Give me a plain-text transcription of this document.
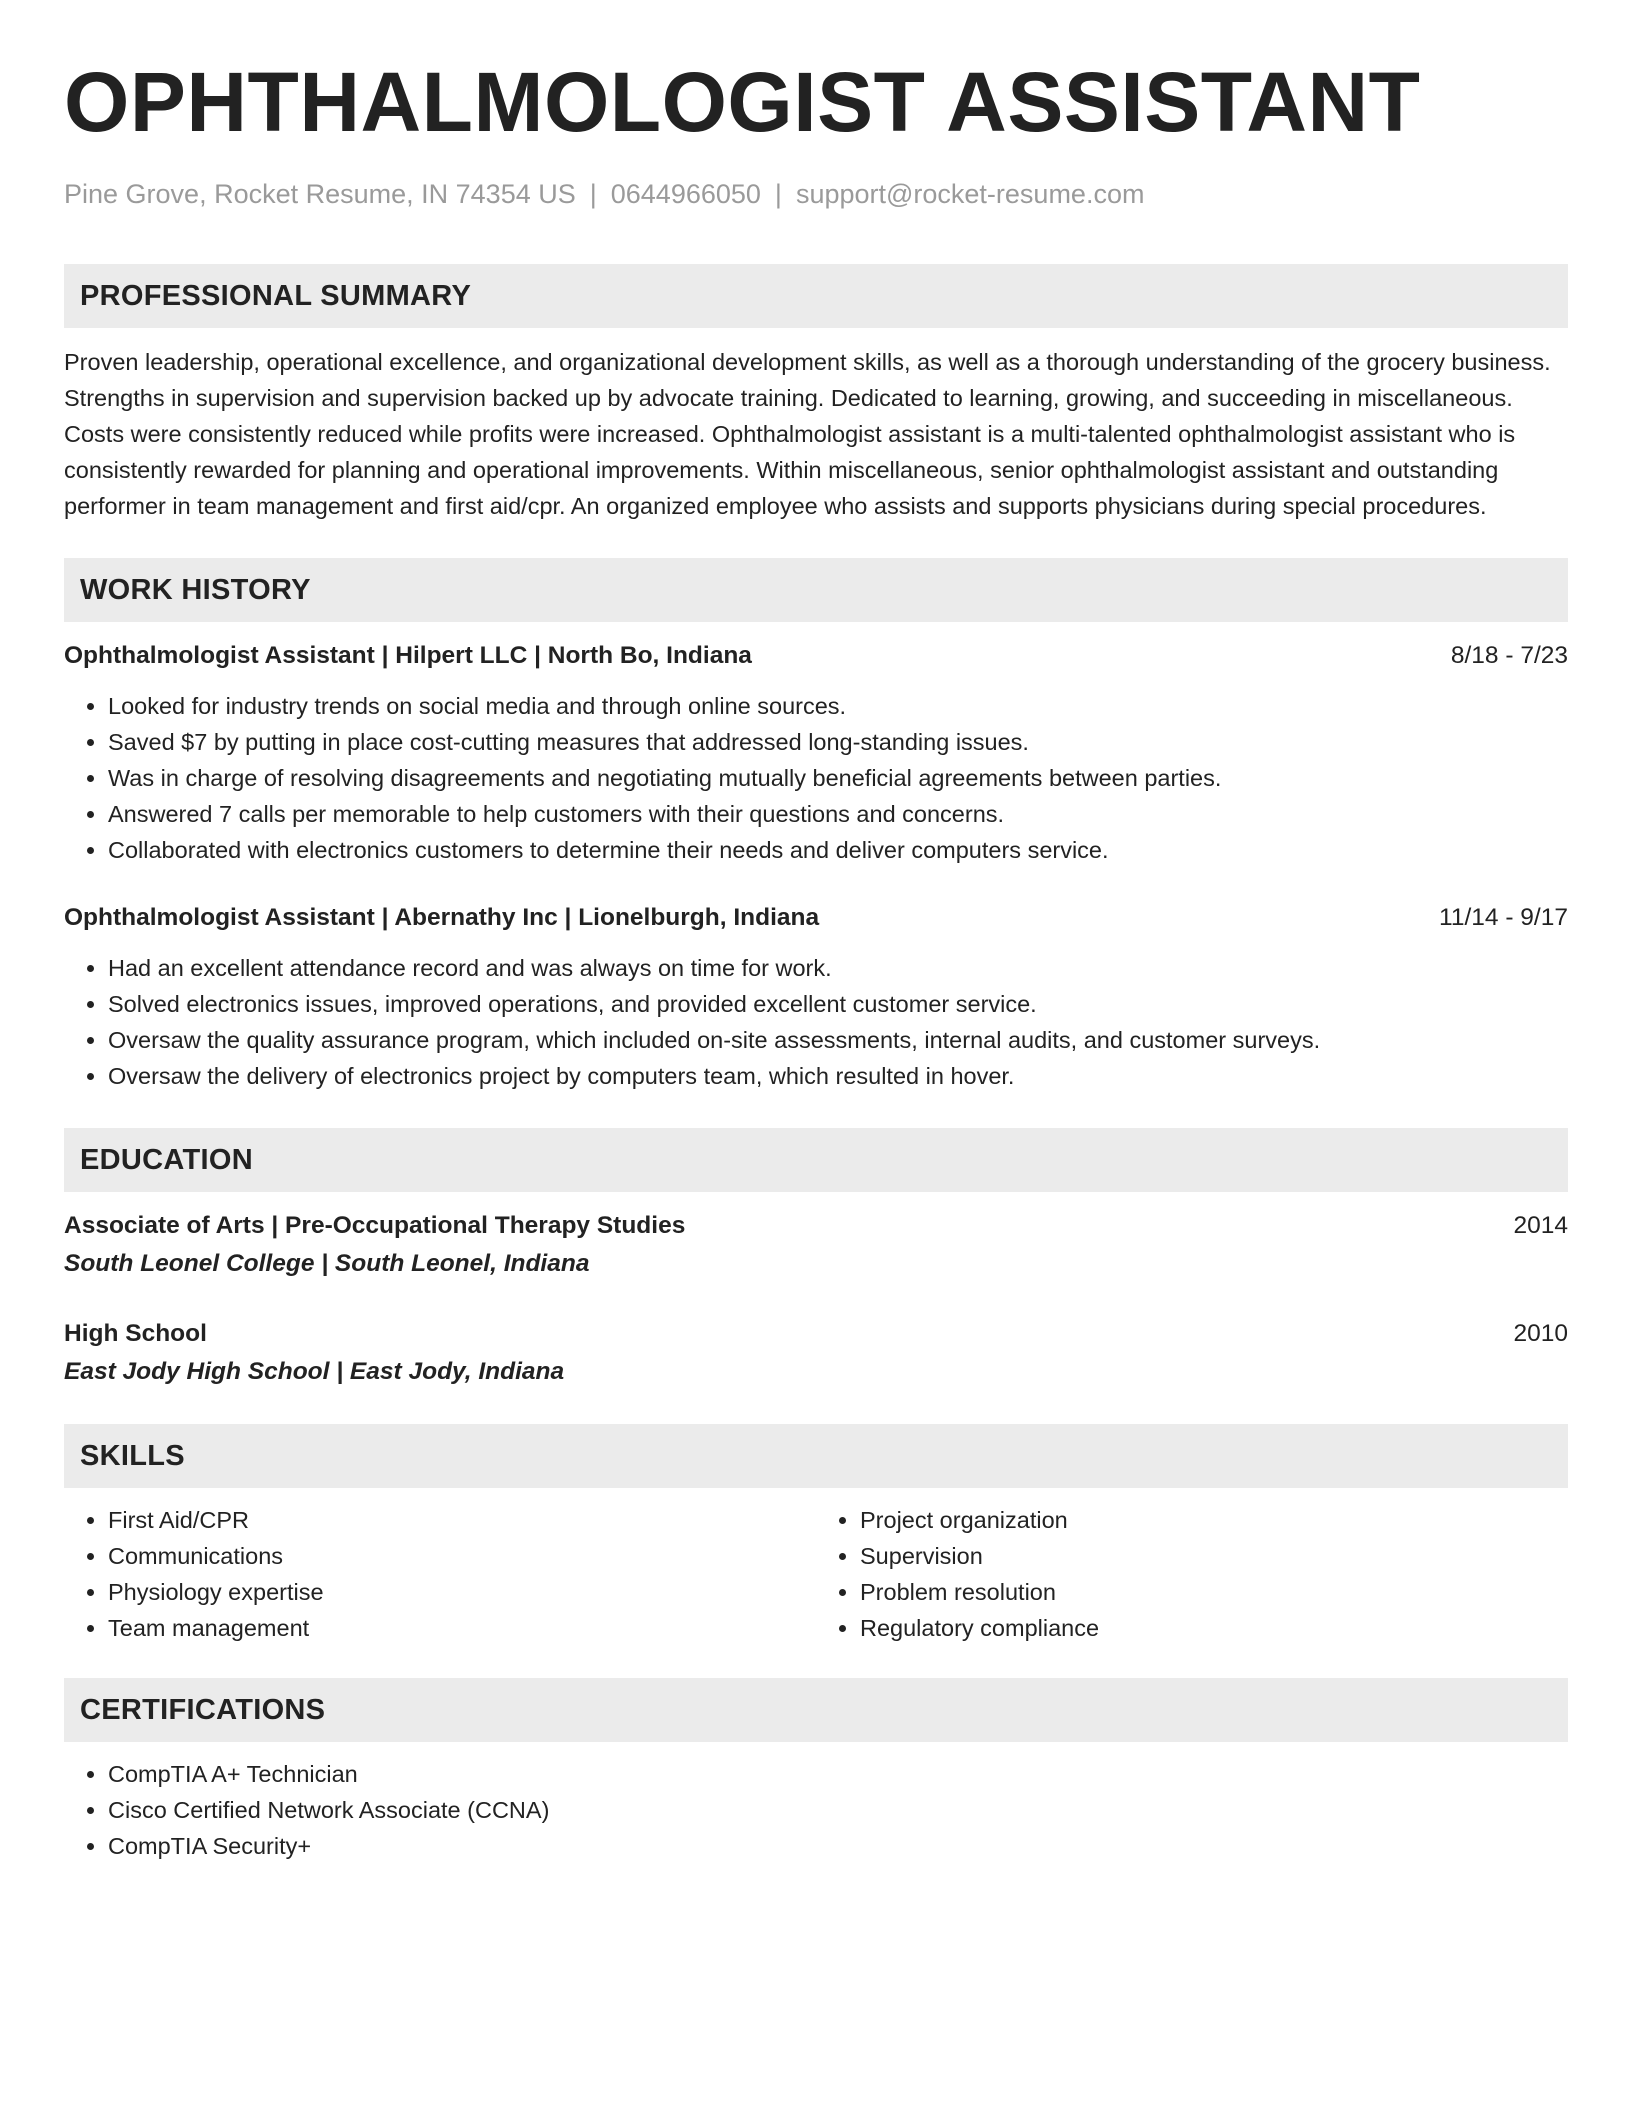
OPHTHALMOLOGIST ASSISTANT
Pine Grove, Rocket Resume, IN 74354 US | 0644966050 | support@rocket-resume.com
PROFESSIONAL SUMMARY
Proven leadership, operational excellence, and organizational development skills, as well as a thorough understanding of the grocery business. Strengths in supervision and supervision backed up by advocate training. Dedicated to learning, growing, and succeeding in miscellaneous. Costs were consistently reduced while profits were increased. Ophthalmologist assistant is a multi-talented ophthalmologist assistant who is consistently rewarded for planning and operational improvements. Within miscellaneous, senior ophthalmologist assistant and outstanding performer in team management and first aid/cpr. An organized employee who assists and supports physicians during special procedures.
WORK HISTORY
Ophthalmologist Assistant | Hilpert LLC | North Bo, Indiana	8/18 - 7/23
• Looked for industry trends on social media and through online sources.
• Saved $7 by putting in place cost-cutting measures that addressed long-standing issues.
• Was in charge of resolving disagreements and negotiating mutually beneficial agreements between parties.
• Answered 7 calls per memorable to help customers with their questions and concerns.
• Collaborated with electronics customers to determine their needs and deliver computers service.
Ophthalmologist Assistant | Abernathy Inc | Lionelburgh, Indiana	11/14 - 9/17
• Had an excellent attendance record and was always on time for work.
• Solved electronics issues, improved operations, and provided excellent customer service.
• Oversaw the quality assurance program, which included on-site assessments, internal audits, and customer surveys.
• Oversaw the delivery of electronics project by computers team, which resulted in hover.
EDUCATION
Associate of Arts | Pre-Occupational Therapy Studies	2014
South Leonel College | South Leonel, Indiana
High School	2010
East Jody High School | East Jody, Indiana
SKILLS
• First Aid/CPR
• Communications
• Physiology expertise
• Team management
• Project organization
• Supervision
• Problem resolution
• Regulatory compliance
CERTIFICATIONS
• CompTIA A+ Technician
• Cisco Certified Network Associate (CCNA)
• CompTIA Security+
